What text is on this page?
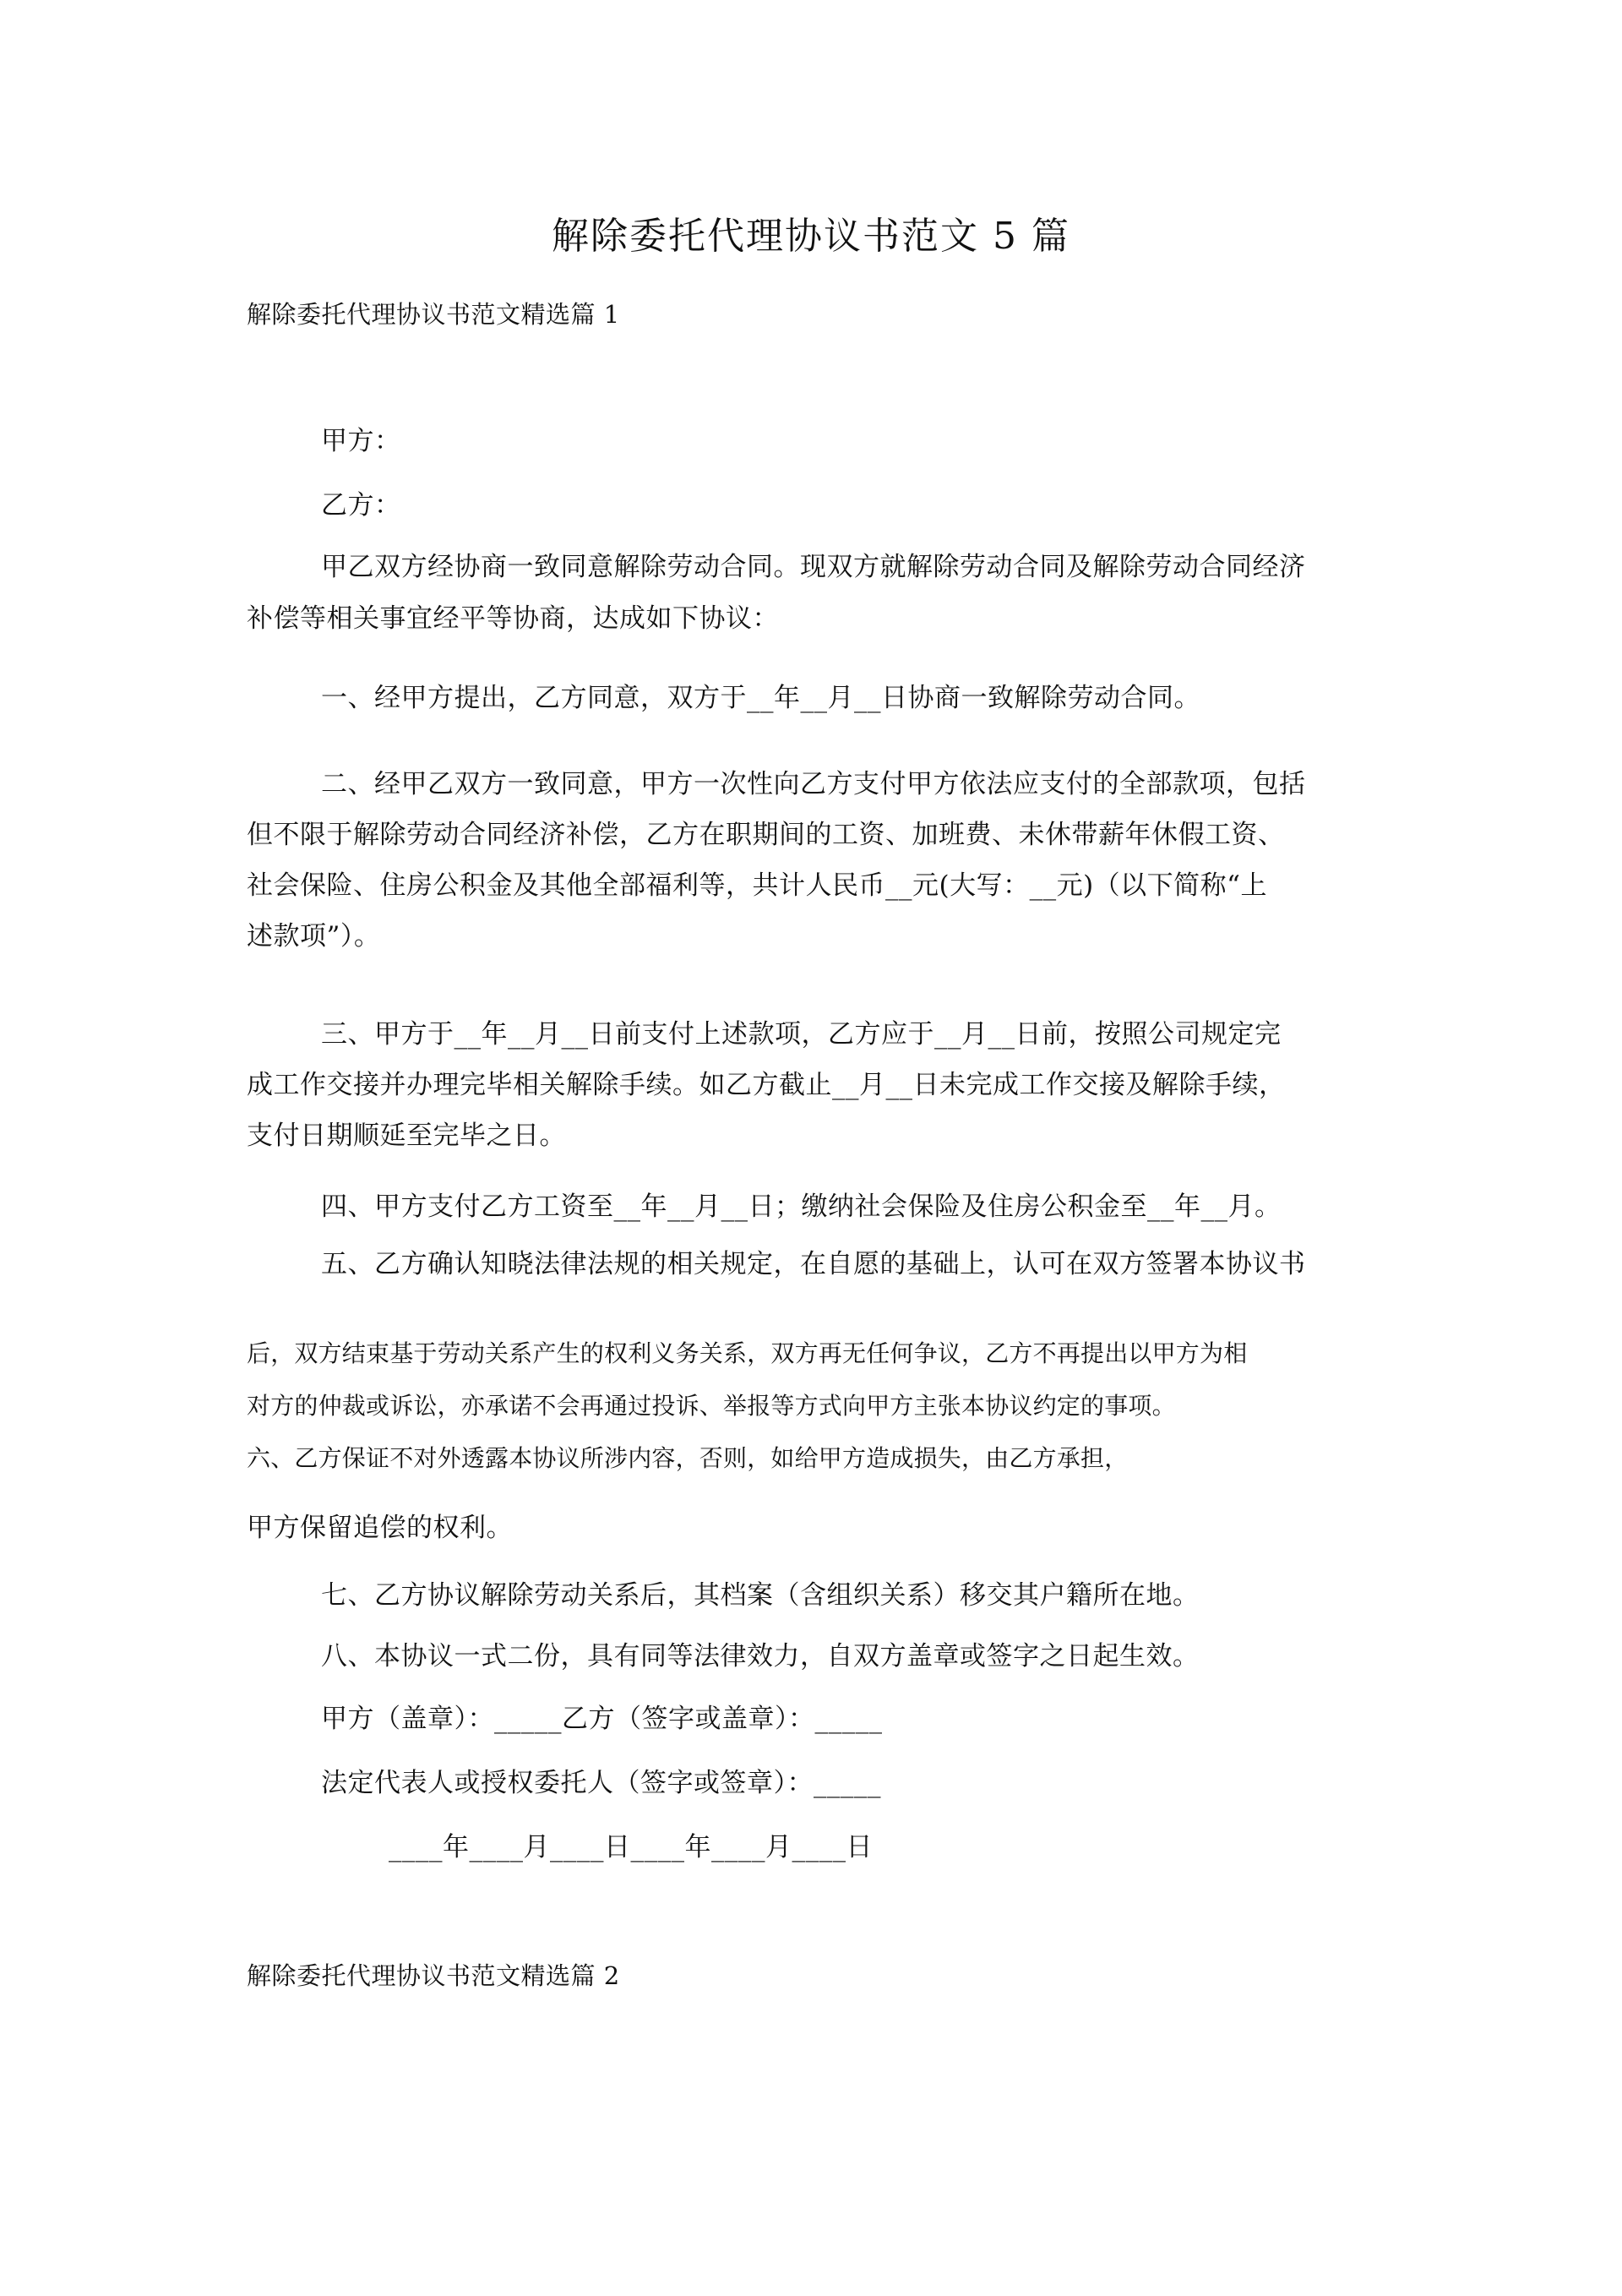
解除委托代理协议书范文 5 篇
解除委托代理协议书范文精选篇 1
甲方：
乙方：
甲乙双方经协商一致同意解除劳动合同。现双方就解除劳动合同及解除劳动合同经济
补偿等相关事宜经平等协商，达成如下协议：
一、经甲方提出，乙方同意，双方于__年__月__日协商一致解除劳动合同。
二、经甲乙双方一致同意，甲方一次性向乙方支付甲方依法应支付的全部款项，包括
但不限于解除劳动合同经济补偿，乙方在职期间的工资、加班费、未休带薪年休假工资、
社会保险、住房公积金及其他全部福利等，共计人民币__元(大写：__元)（以下简称“上
述款项”）。
三、甲方于__年__月__日前支付上述款项，乙方应于__月__日前，按照公司规定完
成工作交接并办理完毕相关解除手续。如乙方截止__月__日未完成工作交接及解除手续，
支付日期顺延至完毕之日。
四、甲方支付乙方工资至__年__月__日；缴纳社会保险及住房公积金至__年__月。
五、乙方确认知晓法律法规的相关规定，在自愿的基础上，认可在双方签署本协议书
后，双方结束基于劳动关系产生的权利义务关系，双方再无任何争议，乙方不再提出以甲方为相
对方的仲裁或诉讼，亦承诺不会再通过投诉、举报等方式向甲方主张本协议约定的事项。
六、乙方保证不对外透露本协议所涉内容，否则，如给甲方造成损失，由乙方承担，
甲方保留追偿的权利。
七、乙方协议解除劳动关系后，其档案（含组织关系）移交其户籍所在地。
八、本协议一式二份，具有同等法律效力，自双方盖章或签字之日起生效。
甲方（盖章）：_____乙方（签字或盖章）：_____
法定代表人或授权委托人（签字或签章）：_____
____年____月____日____年____月____日
解除委托代理协议书范文精选篇 2
